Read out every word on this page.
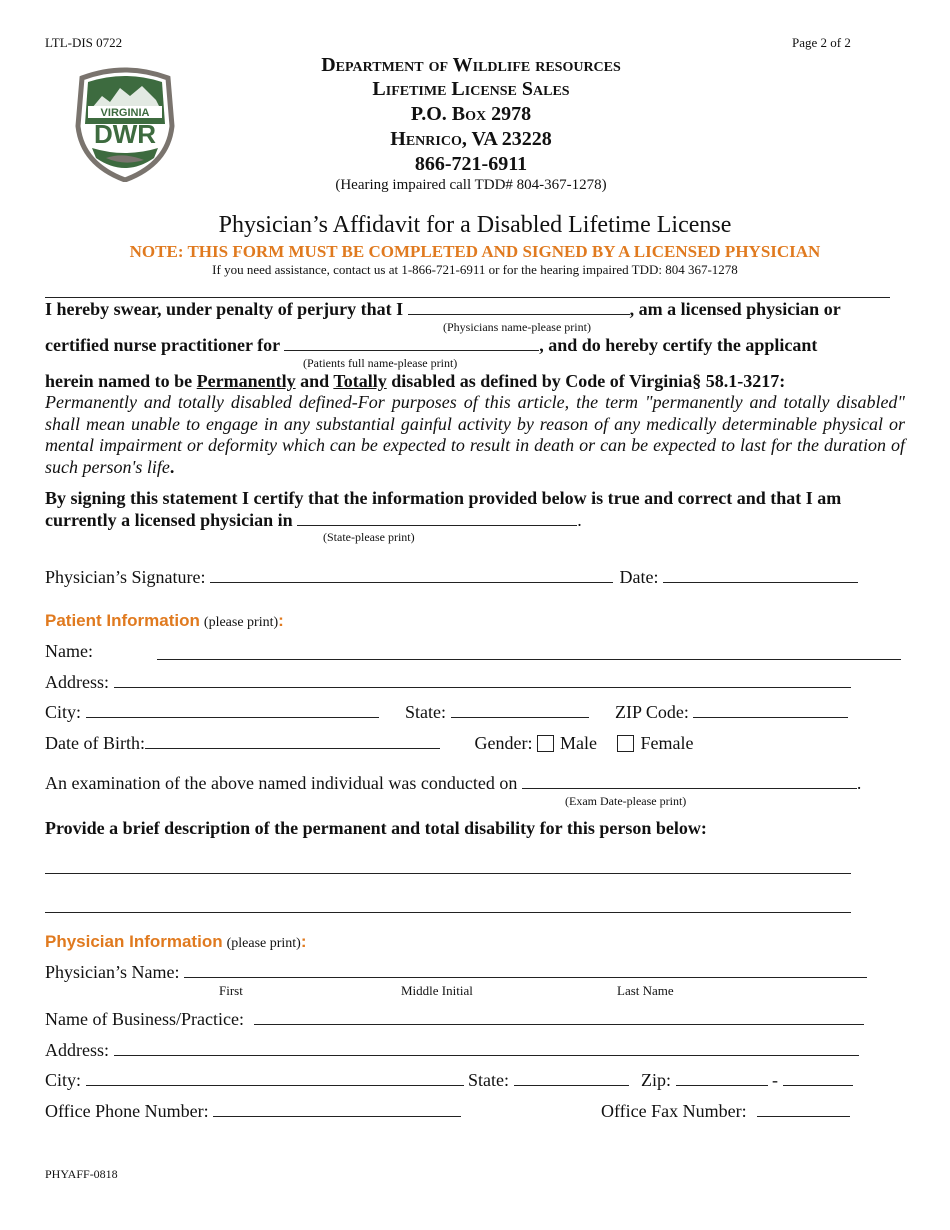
LTL-DIS 0722	Page 2 of 2
VIRGINIA
DWR
Department of Wildlife resources
Lifetime License Sales
P.O. Box 2978
Henrico, VA 23228
866-721-6911
(Hearing impaired call TDD# 804-367-1278)
Physician’s Affidavit for a Disabled Lifetime License
NOTE: THIS FORM MUST BE COMPLETED AND SIGNED BY A LICENSED PHYSICIAN
If you need assistance, contact us at 1-866-721-6911 or for the hearing impaired TDD: 804 367-1278
I hereby swear, under penalty of perjury that I	, am a licensed physician or
(Physicians name-please print)
certified nurse practitioner for	, and do hereby certify the applicant
(Patients full name-please print)
herein named to be Permanently and Totally disabled as defined by Code of Virginia§ 58.1-3217:
Permanently and totally disabled defined-For purposes of this article, the term "permanently and totally disabled" shall mean unable to engage in any substantial gainful activity by reason of any medically determinable physical or mental impairment or deformity which can be expected to result in death or can be expected to last for the duration of such person's life.
By signing this statement I certify that the information provided below is true and correct and that I am
currently a licensed physician in	.
(State-please print)
Physician’s Signature:	Date:
Patient Information (please print):
Name:
Address:
City:	State:	ZIP Code:
Date of Birth:	Gender: Male Female
An examination of the above named individual was conducted on	.
(Exam Date-please print)
Provide a brief description of the permanent and total disability for this person below:
Physician Information (please print):
Physician’s Name:
First	Middle Initial	Last Name
Name of Business/Practice:
Address:
City:	State:	Zip:	-
Office Phone Number:	Office Fax Number:
PHYAFF-0818
